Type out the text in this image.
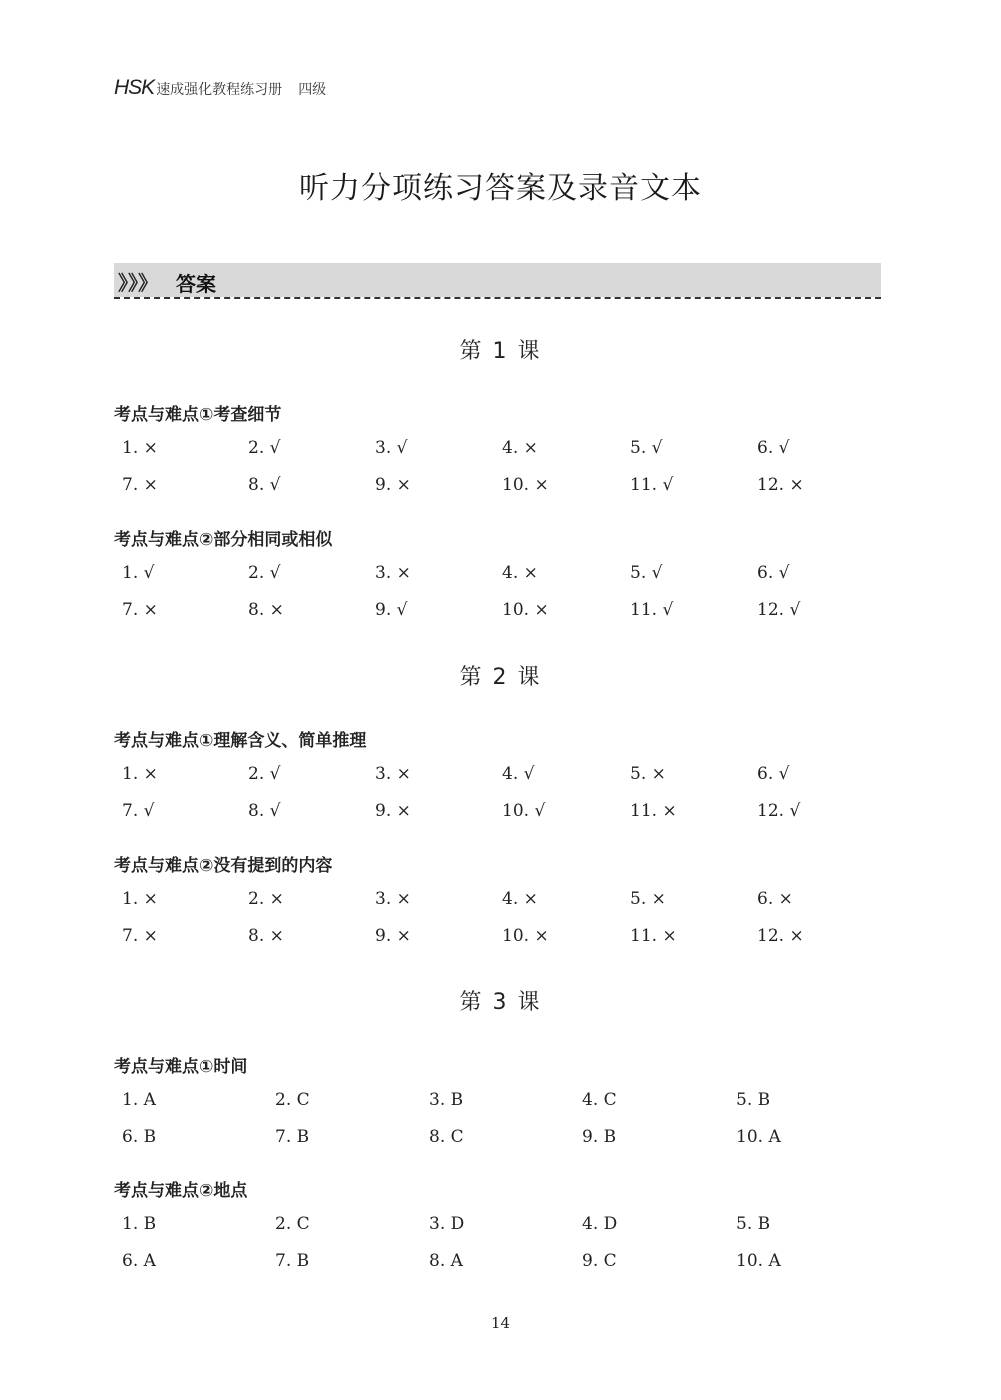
HSK 速成强化教程练习册 四级
听力分项练习答案及录音文本
》》》 答案
第 1 课
考点与难点①考查细节
考点与难点②部分相同或相似
第 2 课
考点与难点①理解含义、简单推理
考点与难点②没有提到的内容
第 3 课
考点与难点①时间
考点与难点②地点
14
1. ×	2. √	3. √	4. ×	5. √	6. √
7. ×	8. √	9. ×	10. ×	11. √	12. ×
1. √	2. √	3. ×	4. ×	5. √	6. √
7. ×	8. ×	9. √	10. ×	11. √	12. √
1. ×	2. √	3. ×	4. √	5. ×	6. √
7. √	8. √	9. ×	10. √	11. ×	12. √
1. ×	2. ×	3. ×	4. ×	5. ×	6. ×
7. ×	8. ×	9. ×	10. ×	11. ×	12. ×
1. A	2. C	3. B	4. C	5. B
6. B	7. B	8. C	9. B	10. A
1. B	2. C	3. D	4. D	5. B
6. A	7. B	8. A	9. C	10. A
